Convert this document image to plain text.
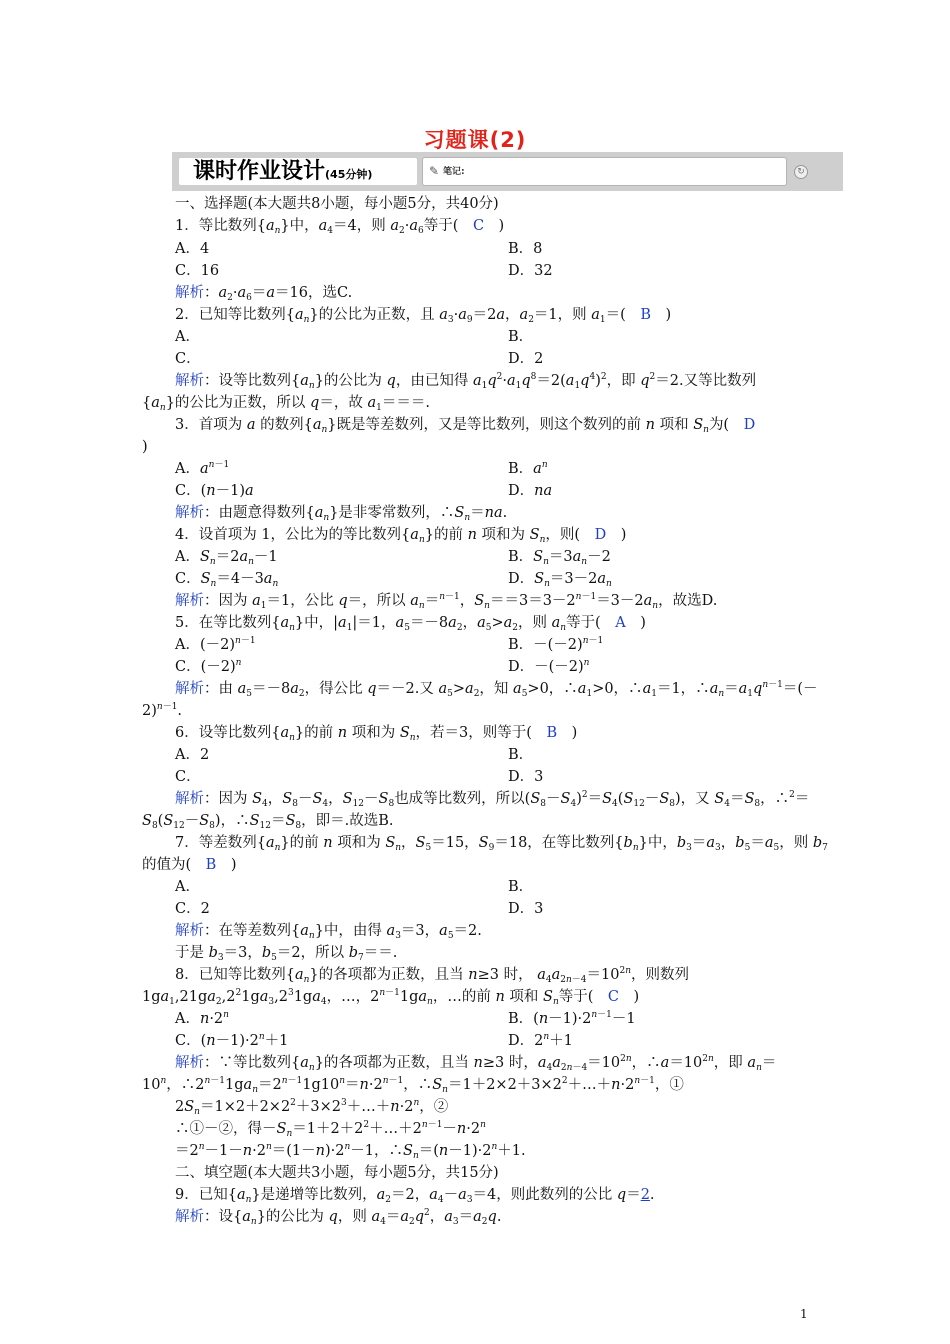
习题课(2)
课时作业设计(45分钟)	✎ 笔记:	↻
一、选择题(本大题共8小题，每小题5分，共40分)
1．等比数列$\{a_n\}$中，$a_4=4$，则 $a_2\cdot a_6$等于(　C　)
A．4	B．8
C．16	D．32
解析：$a_2\cdot a_6=a=16$，选C.
2．已知等比数列$\{a_n\}$的公比为正数，且 $a_3\cdot a_9=2a$，$a_2=1$，则 $a_1=$(　B　)
A．	B．
C．	D．2
解析：设等比数列$\{a_n\}$的公比为 q，由已知得 $a_1q^2\cdot a_1q^8=2(a_1q^4)^2$，即 $q^2=2$.又等比数列
$\{a_n\}$的公比为正数，所以 q＝，故 $a_1===$.
3．首项为 a 的数列$\{a_n\}$既是等差数列，又是等比数列，则这个数列的前 n 项和 $S_n$为(　D
)
A．$a^{n-1}$	B．$a^n$
C．(n－1)a	D．na
解析：由题意得数列$\{a_n\}$是非零常数列，$\therefore S_n=na$.
4．设首项为 1，公比为的等比数列$\{a_n\}$的前 n 项和为 $S_n$，则(　D　)
A．$S_n=2a_n-1$	B．$S_n=3a_n-2$
C．$S_n=4-3a_n$	D．$S_n=3-2a_n$
解析：因为 $a_1=1$，公比 q＝，所以 $a_n=^{n-1}$，$S_n==3=3-2^{n-1}=3-2a_n$，故选D.
5．在等比数列$\{a_n\}$中，$|a_1|=1$，$a_5=-8a_2$，$a_5>a_2$，则 $a_n$等于(　A　)
A．$(-2)^{n-1}$	B．$-(-2)^{n-1}$
C．$(-2)^n$	D．$-(-2)^n$
解析：由 $a_5=-8a_2$，得公比 q＝－2.又 $a_5>a_2$，知 $a_5>0$，$\therefore a_1>0$，$\therefore a_1=1$，$\therefore a_n=a_1q^{n-1}=(-$
2)$^{n-1}$.
6．设等比数列$\{a_n\}$的前 n 项和为 $S_n$，若＝3，则等于(　B　)
A．2	B．
C．	D．3
解析：因为 $S_4$，$S_8-S_4$，$S_{12}-S_8$也成等比数列，所以$(S_8-S_4)^2=S_4(S_{12}-S_8)$，又 $S_4=S_8$，∴$^2$＝
$S_8(S_{12}-S_8)$，$\therefore S_{12}=S_8$，即＝.故选B.
7．等差数列$\{a_n\}$的前 n 项和为 $S_n$，$S_5=15$，$S_9=18$，在等比数列$\{b_n\}$中，$b_3=a_3$，$b_5=a_5$，则 $b_7$
的值为(　B　)
A．	B．
C．2	D．3
解析：在等差数列$\{a_n\}$中，由得 $a_3=3$，$a_5=2$.
于是 $b_3=3$，$b_5=2$，所以 $b_7==$.
8．已知等比数列$\{a_n\}$的各项都为正数，且当 n≥3 时， $a_4a_{2n-4}=10^{2n}$，则数列
$1ga_1,21ga_2,2^21ga_3,2^31ga_4$，…，$2^{n-1}1ga_n$，…的前 n 项和 $S_n$等于(　C　)
A．$n\cdot 2^n$	B．$(n-1)\cdot 2^{n-1}-1$
C．$(n-1)\cdot 2^n+1$	D．$2^n+1$
解析：∵等比数列$\{a_n\}$的各项都为正数，且当 n≥3 时，$a_4a_{2n-4}=10^{2n}$，$\therefore a=10^{2n}$，即 $a_n=$
$10^n$，$\therefore 2^{n-1}1ga_n=2^{n-1}1g10^n=n\cdot 2^{n-1}$，$\therefore S_n=1+2\times 2+3\times 2^2+\dots+n\cdot 2^{n-1}$，①
$2S_n=1\times 2+2\times 2^2+3\times 2^3+\dots+n\cdot 2^n$，②
∴①－②，得$-S_n=1+2+2^2+\dots+2^{n-1}-n\cdot 2^n$
$=2^n-1-n\cdot 2^n=(1-n)\cdot 2^n-1$，$\therefore S_n=(n-1)\cdot 2^n+1$.
二、填空题(本大题共3小题，每小题5分，共15分)
9．已知$\{a_n\}$是递增等比数列，$a_2=2$，$a_4-a_3=4$，则此数列的公比 q＝2.
解析：设$\{a_n\}$的公比为 q，则 $a_4=a_2q^2$，$a_3=a_2q$.
1
